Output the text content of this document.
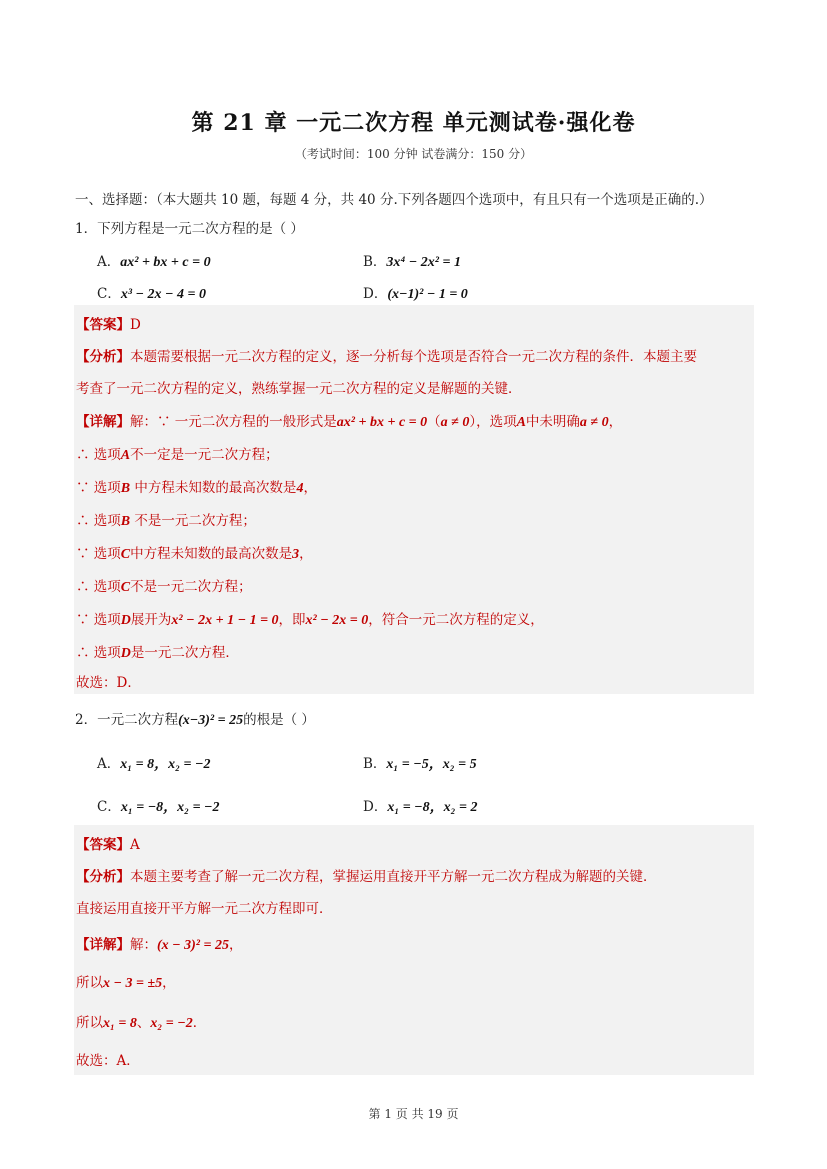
第 21 章 一元二次方程 单元测试卷·强化卷
（考试时间：100 分钟 试卷满分：150 分）
一、选择题：（本大题共 10 题，每题 4 分，共 40 分.下列各题四个选项中，有且只有一个选项是正确的.）
1．下列方程是一元二次方程的是（ ）
A．ax² + bx + c = 0	B．3x⁴ − 2x² = 1
C．x³ − 2x − 4 = 0	D．(x−1)² − 1 = 0
【答案】D
【分析】本题需要根据一元二次方程的定义，逐一分析每个选项是否符合一元二次方程的条件．本题主要
考查了一元二次方程的定义，熟练掌握一元二次方程的定义是解题的关键．
【详解】解：∵ 一元二次方程的一般形式是ax² + bx + c = 0（a ≠ 0），选项A中未明确a ≠ 0，
∴ 选项A不一定是一元二次方程；
∵ 选项B 中方程未知数的最高次数是4，
∴ 选项B 不是一元二次方程；
∵ 选项C中方程未知数的最高次数是3，
∴ 选项C不是一元二次方程；
∵ 选项D展开为x² − 2x + 1 − 1 = 0，即x² − 2x = 0，符合一元二次方程的定义，
∴ 选项D是一元二次方程．
故选：D．
2．一元二次方程(x−3)² = 25的根是（ ）
A．x₁ = 8，x₂ = −2	B．x₁ = −5，x₂ = 5
C．x₁ = −8，x₂ = −2	D．x₁ = −8，x₂ = 2
【答案】A
【分析】本题主要考查了解一元二次方程，掌握运用直接开平方解一元二次方程成为解题的关键．
直接运用直接开平方解一元二次方程即可．
【详解】解：(x − 3)² = 25，
所以x − 3 = ±5，
所以x₁ = 8、x₂ = −2．
故选：A．
第 1 页 共 19 页
